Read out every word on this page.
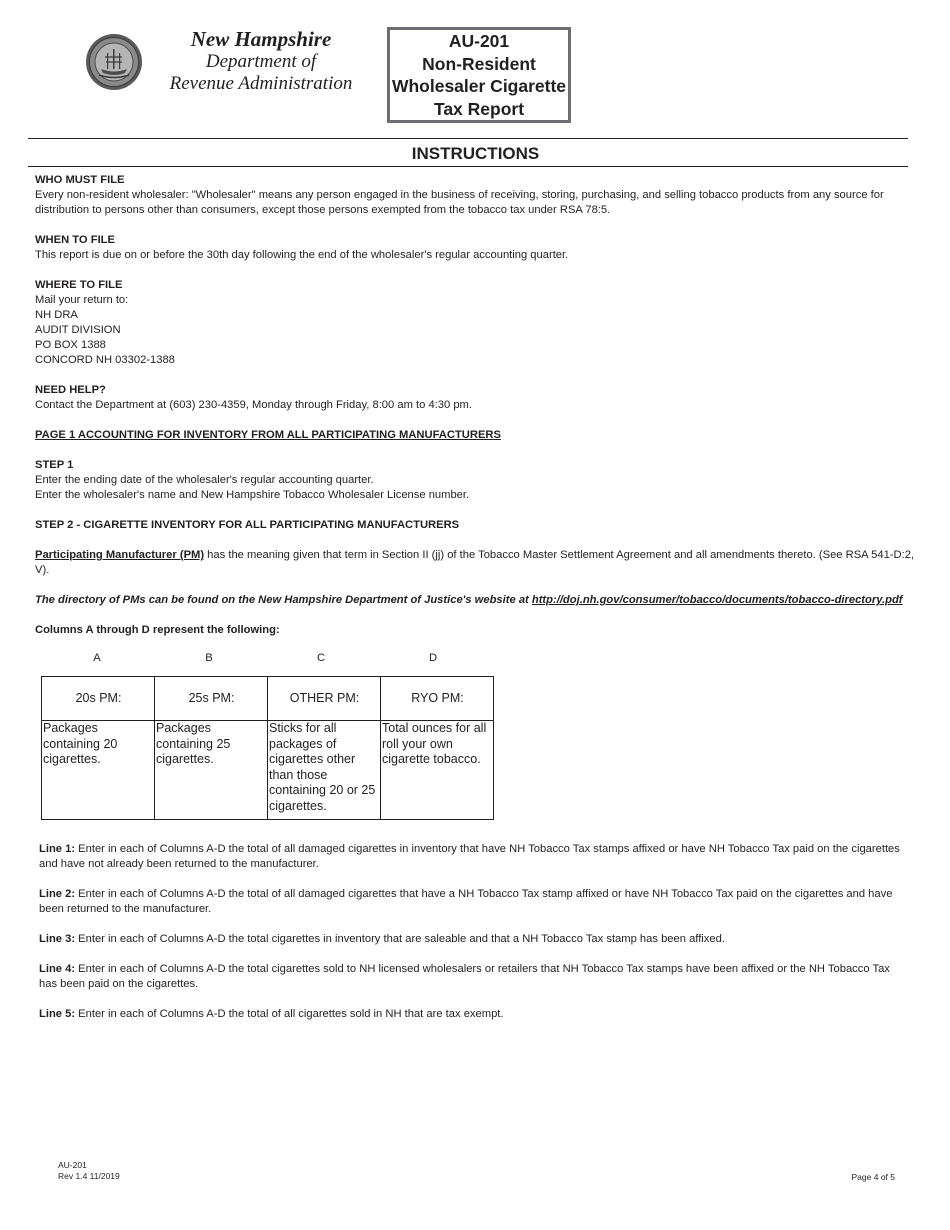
New Hampshire
Department of
Revenue Administration
AU-201
Non-Resident
Wholesaler Cigarette
Tax Report
INSTRUCTIONS

WHO MUST FILE

Every non-resident wholesaler: "Wholesaler" means any person engaged in the business of receiving, storing, purchasing, and selling tobacco products from any source for distribution to persons other than consumers, except those persons exempted from the tobacco tax under RSA 78:5.

WHEN TO FILE

This report is due on or before the 30th day following the end of the wholesaler's regular accounting quarter.

WHERE TO FILE

Mail your return to:

NH DRA

AUDIT DIVISION

PO BOX 1388

CONCORD NH 03302-1388

NEED HELP?

Contact the Department at (603) 230-4359, Monday through Friday, 8:00 am to 4:30 pm.

PAGE 1 ACCOUNTING FOR INVENTORY FROM ALL PARTICIPATING MANUFACTURERS

STEP 1

Enter the ending date of the wholesaler's regular accounting quarter.

Enter the wholesaler's name and New Hampshire Tobacco Wholesaler License number.

STEP 2 - CIGARETTE INVENTORY FOR ALL PARTICIPATING MANUFACTURERS

Participating Manufacturer (PM) has the meaning given that term in Section II (jj) of the Tobacco Master Settlement Agreement and all amendments thereto. (See RSA 541-D:2, V).

The directory of PMs can be found on the New Hampshire Department of Justice's website at http://doj.nh.gov/consumer/tobacco/documents/tobacco-directory.pdf

Columns A through D represent the following:

A	B	C	D
20s PM:	25s PM:	OTHER PM:	RYO PM:
Packages containing 20 cigarettes.	Packages containing 25 cigarettes.	Sticks for all packages of cigarettes other than those containing 20 or 25 cigarettes.	Total ounces for all roll your own cigarette tobacco.

Line 1: Enter in each of Columns A-D the total of all damaged cigarettes in inventory that have NH Tobacco Tax stamps affixed or have NH Tobacco Tax paid on the cigarettes and have not already been returned to the manufacturer.

Line 2: Enter in each of Columns A-D the total of all damaged cigarettes that have a NH Tobacco Tax stamp affixed or have NH Tobacco Tax paid on the cigarettes and have been returned to the manufacturer.

Line 3: Enter in each of Columns A-D the total cigarettes in inventory that are saleable and that a NH Tobacco Tax stamp has been affixed.

Line 4: Enter in each of Columns A-D the total cigarettes sold to NH licensed wholesalers or retailers that NH Tobacco Tax stamps have been affixed or the NH Tobacco Tax has been paid on the cigarettes.

Line 5: Enter in each of Columns A-D the total of all cigarettes sold in NH that are tax exempt.

AU-201
Rev 1.4 11/2019	Page 4 of 5
